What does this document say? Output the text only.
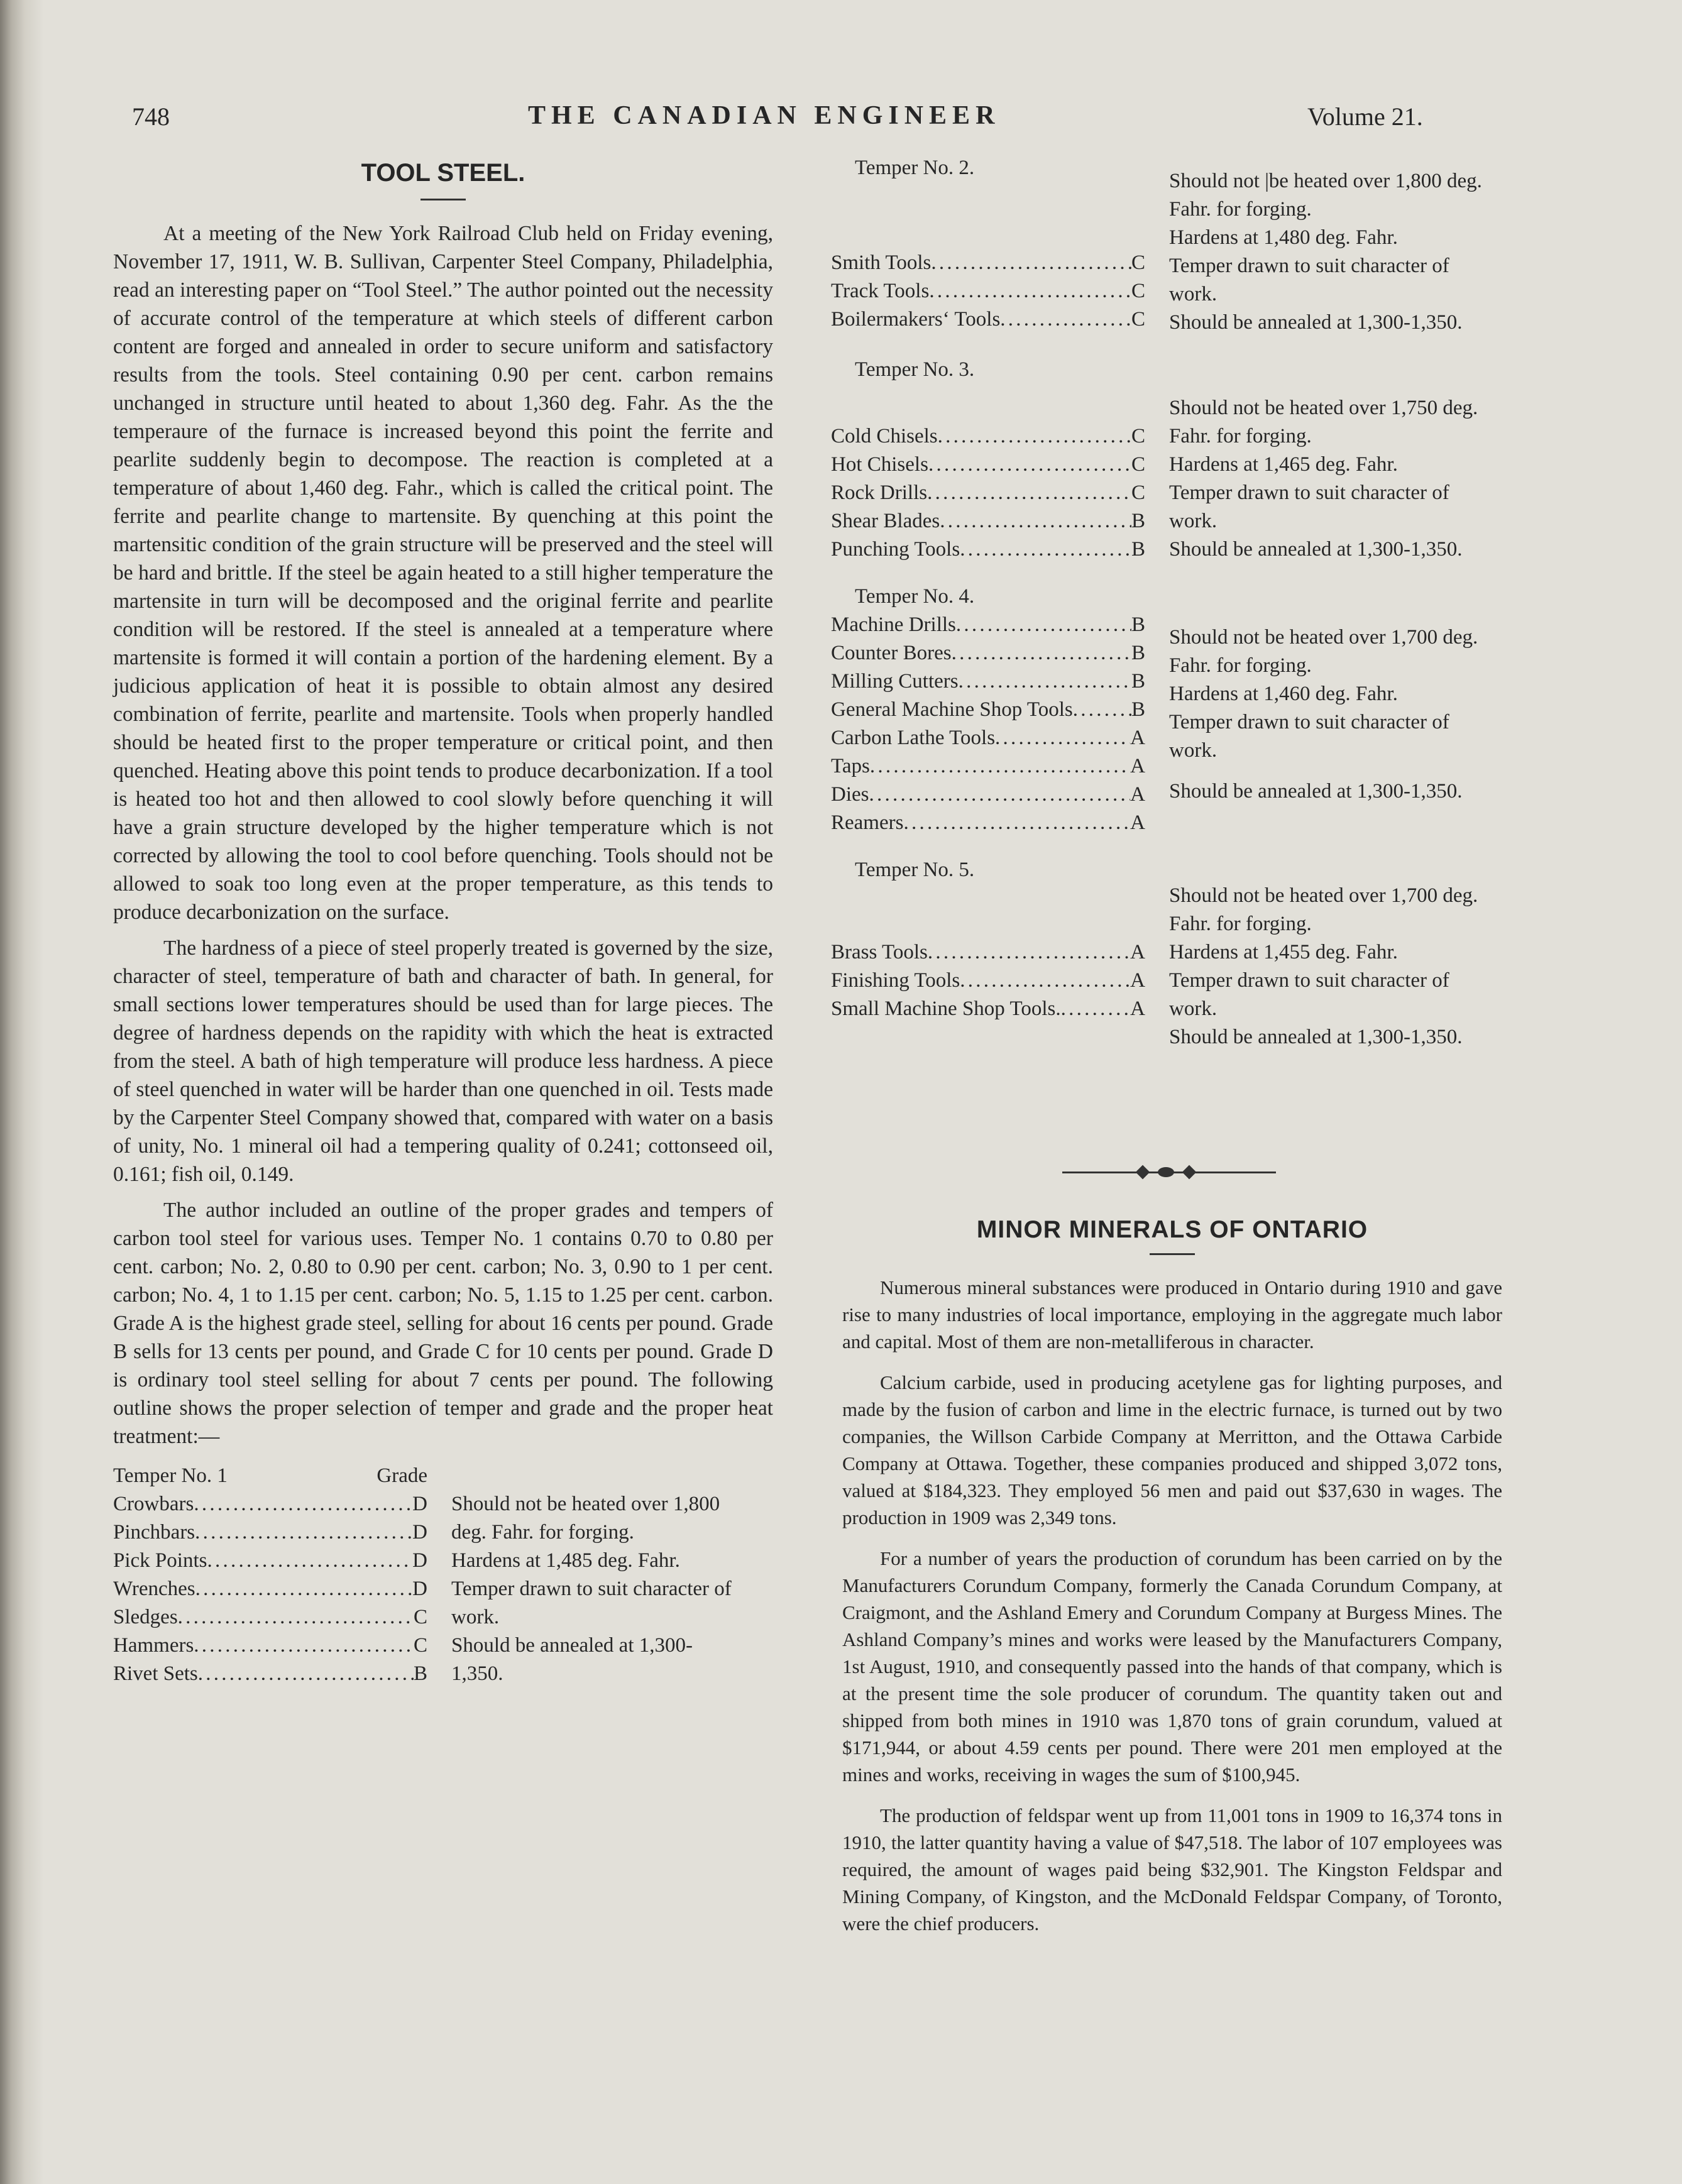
748	THE CANADIAN ENGINEER	Volume 21.
TOOL STEEL.

At a meeting of the New York Railroad Club held on Friday evening, November 17, 1911, W. B. Sullivan, Carpenter Steel Company, Philadelphia, read an interesting paper on “Tool Steel.” The author pointed out the necessity of accurate control of the temperature at which steels of different carbon content are forged and annealed in order to secure uniform and satisfactory results from the tools. Steel containing 0.90 per cent. carbon remains unchanged in structure until heated to about 1,360 deg. Fahr. As the the temperaure of the furnace is increased beyond this point the ferrite and pearlite suddenly begin to decompose. The reaction is completed at a temperature of about 1,460 deg. Fahr., which is called the critical point. The ferrite and pearlite change to martensite. By quenching at this point the martensitic condition of the grain structure will be preserved and the steel will be hard and brittle. If the steel be again heated to a still higher temperature the martensite in turn will be decomposed and the original ferrite and pearlite condition will be restored. If the steel is annealed at a temperature where martensite is formed it will contain a portion of the hardening element. By a judicious application of heat it is possible to obtain almost any desired combination of ferrite, pearlite and martensite. Tools when properly handled should be heated first to the proper temperature or critical point, and then quenched. Heating above this point tends to produce decarbonization. If a tool is heated too hot and then allowed to cool slowly before quenching it will have a grain structure developed by the higher temperature which is not corrected by allowing the tool to cool before quenching. Tools should not be allowed to soak too long even at the proper temperature, as this tends to produce decarbonization on the surface.

The hardness of a piece of steel properly treated is governed by the size, character of steel, temperature of bath and character of bath. In general, for small sections lower temperatures should be used than for large pieces. The degree of hardness depends on the rapidity with which the heat is extracted from the steel. A bath of high temperature will produce less hardness. A piece of steel quenched in water will be harder than one quenched in oil. Tests made by the Carpenter Steel Company showed that, compared with water on a basis of unity, No. 1 mineral oil had a tempering quality of 0.241; cottonseed oil, 0.161; fish oil, 0.149.

The author included an outline of the proper grades and tempers of carbon tool steel for various uses. Temper No. 1 contains 0.70 to 0.80 per cent. carbon; No. 2, 0.80 to 0.90 per cent. carbon; No. 3, 0.90 to 1 per cent. carbon; No. 4, 1 to 1.15 per cent. carbon; No. 5, 1.15 to 1.25 per cent. carbon. Grade A is the highest grade steel, selling for about 16 cents per pound. Grade B sells for 13 cents per pound, and Grade C for 10 cents per pound. Grade D is ordinary tool steel selling for about 7 cents per pound. The following outline shows the proper selection of temper and grade and the proper heat treatment:—

Temper No. 1	Grade
Crowbars . . .	D
Pinchbars . . .	D
Pick Points . . .	D
Wrenches . . .	D
Sledges . . .	C
Hammers . . .	C
Rivet Sets . . .	B
Should not be heated over 1,800 deg. Fahr. for forging.
Hardens at 1,485 deg. Fahr.
Temper drawn to suit character of work.
Should be annealed at 1,300-1,350.
Temper No. 2.
Smith Tools . . .	C
Track Tools . . .	C
Boilermakers‘ Tools . . .	C
Should not |be heated over 1,800 deg. Fahr. for forging.
Hardens at 1,480 deg. Fahr.
Temper drawn to suit character of work.
Should be annealed at 1,300-1,350.
Temper No. 3.
Cold Chisels . . .	C
Hot Chisels . . .	C
Rock Drills . . .	C
Shear Blades . . .	B
Punching Tools . . .	B
Should not be heated over 1,750 deg. Fahr. for forging.
Hardens at 1,465 deg. Fahr.
Temper drawn to suit character of work.
Should be annealed at 1,300-1,350.
Temper No. 4.
Machine Drills . . .	B
Counter Bores . . .	B
Milling Cutters . . .	B
General Machine Shop Tools . . .	B
Carbon Lathe Tools . . .	A
Taps . . .	A
Dies . . .	A
Reamers . . .	A
Should not be heated over 1,700 deg. Fahr. for forging.
Hardens at 1,460 deg. Fahr.
Temper drawn to suit character of work.
Should be annealed at 1,300-1,350.
Temper No. 5.
Brass Tools . . .	A
Finishing Tools . . .	A
Small Machine Shop Tools. . . .	A
Should not be heated over 1,700 deg. Fahr. for forging.
Hardens at 1,455 deg. Fahr.
Temper drawn to suit character of work.
Should be annealed at 1,300-1,350.
MINOR MINERALS OF ONTARIO

Numerous mineral substances were produced in Ontario during 1910 and gave rise to many industries of local importance, employing in the aggregate much labor and capital. Most of them are non-metalliferous in character.

Calcium carbide, used in producing acetylene gas for lighting purposes, and made by the fusion of carbon and lime in the electric furnace, is turned out by two companies, the Willson Carbide Company at Merritton, and the Ottawa Carbide Company at Ottawa. Together, these companies produced and shipped 3,072 tons, valued at $184,323. They employed 56 men and paid out $37,630 in wages. The production in 1909 was 2,349 tons.

For a number of years the production of corundum has been carried on by the Manufacturers Corundum Company, formerly the Canada Corundum Company, at Craigmont, and the Ashland Emery and Corundum Company at Burgess Mines. The Ashland Company’s mines and works were leased by the Manufacturers Company, 1st August, 1910, and consequently passed into the hands of that company, which is at the present time the sole producer of corundum. The quantity taken out and shipped from both mines in 1910 was 1,870 tons of grain corundum, valued at $171,944, or about 4.59 cents per pound. There were 201 men employed at the mines and works, receiving in wages the sum of $100,945.

The production of feldspar went up from 11,001 tons in 1909 to 16,374 tons in 1910, the latter quantity having a value of $47,518. The labor of 107 employees was required, the amount of wages paid being $32,901. The Kingston Feldspar and Mining Company, of Kingston, and the McDonald Feldspar Company, of Toronto, were the chief producers.
